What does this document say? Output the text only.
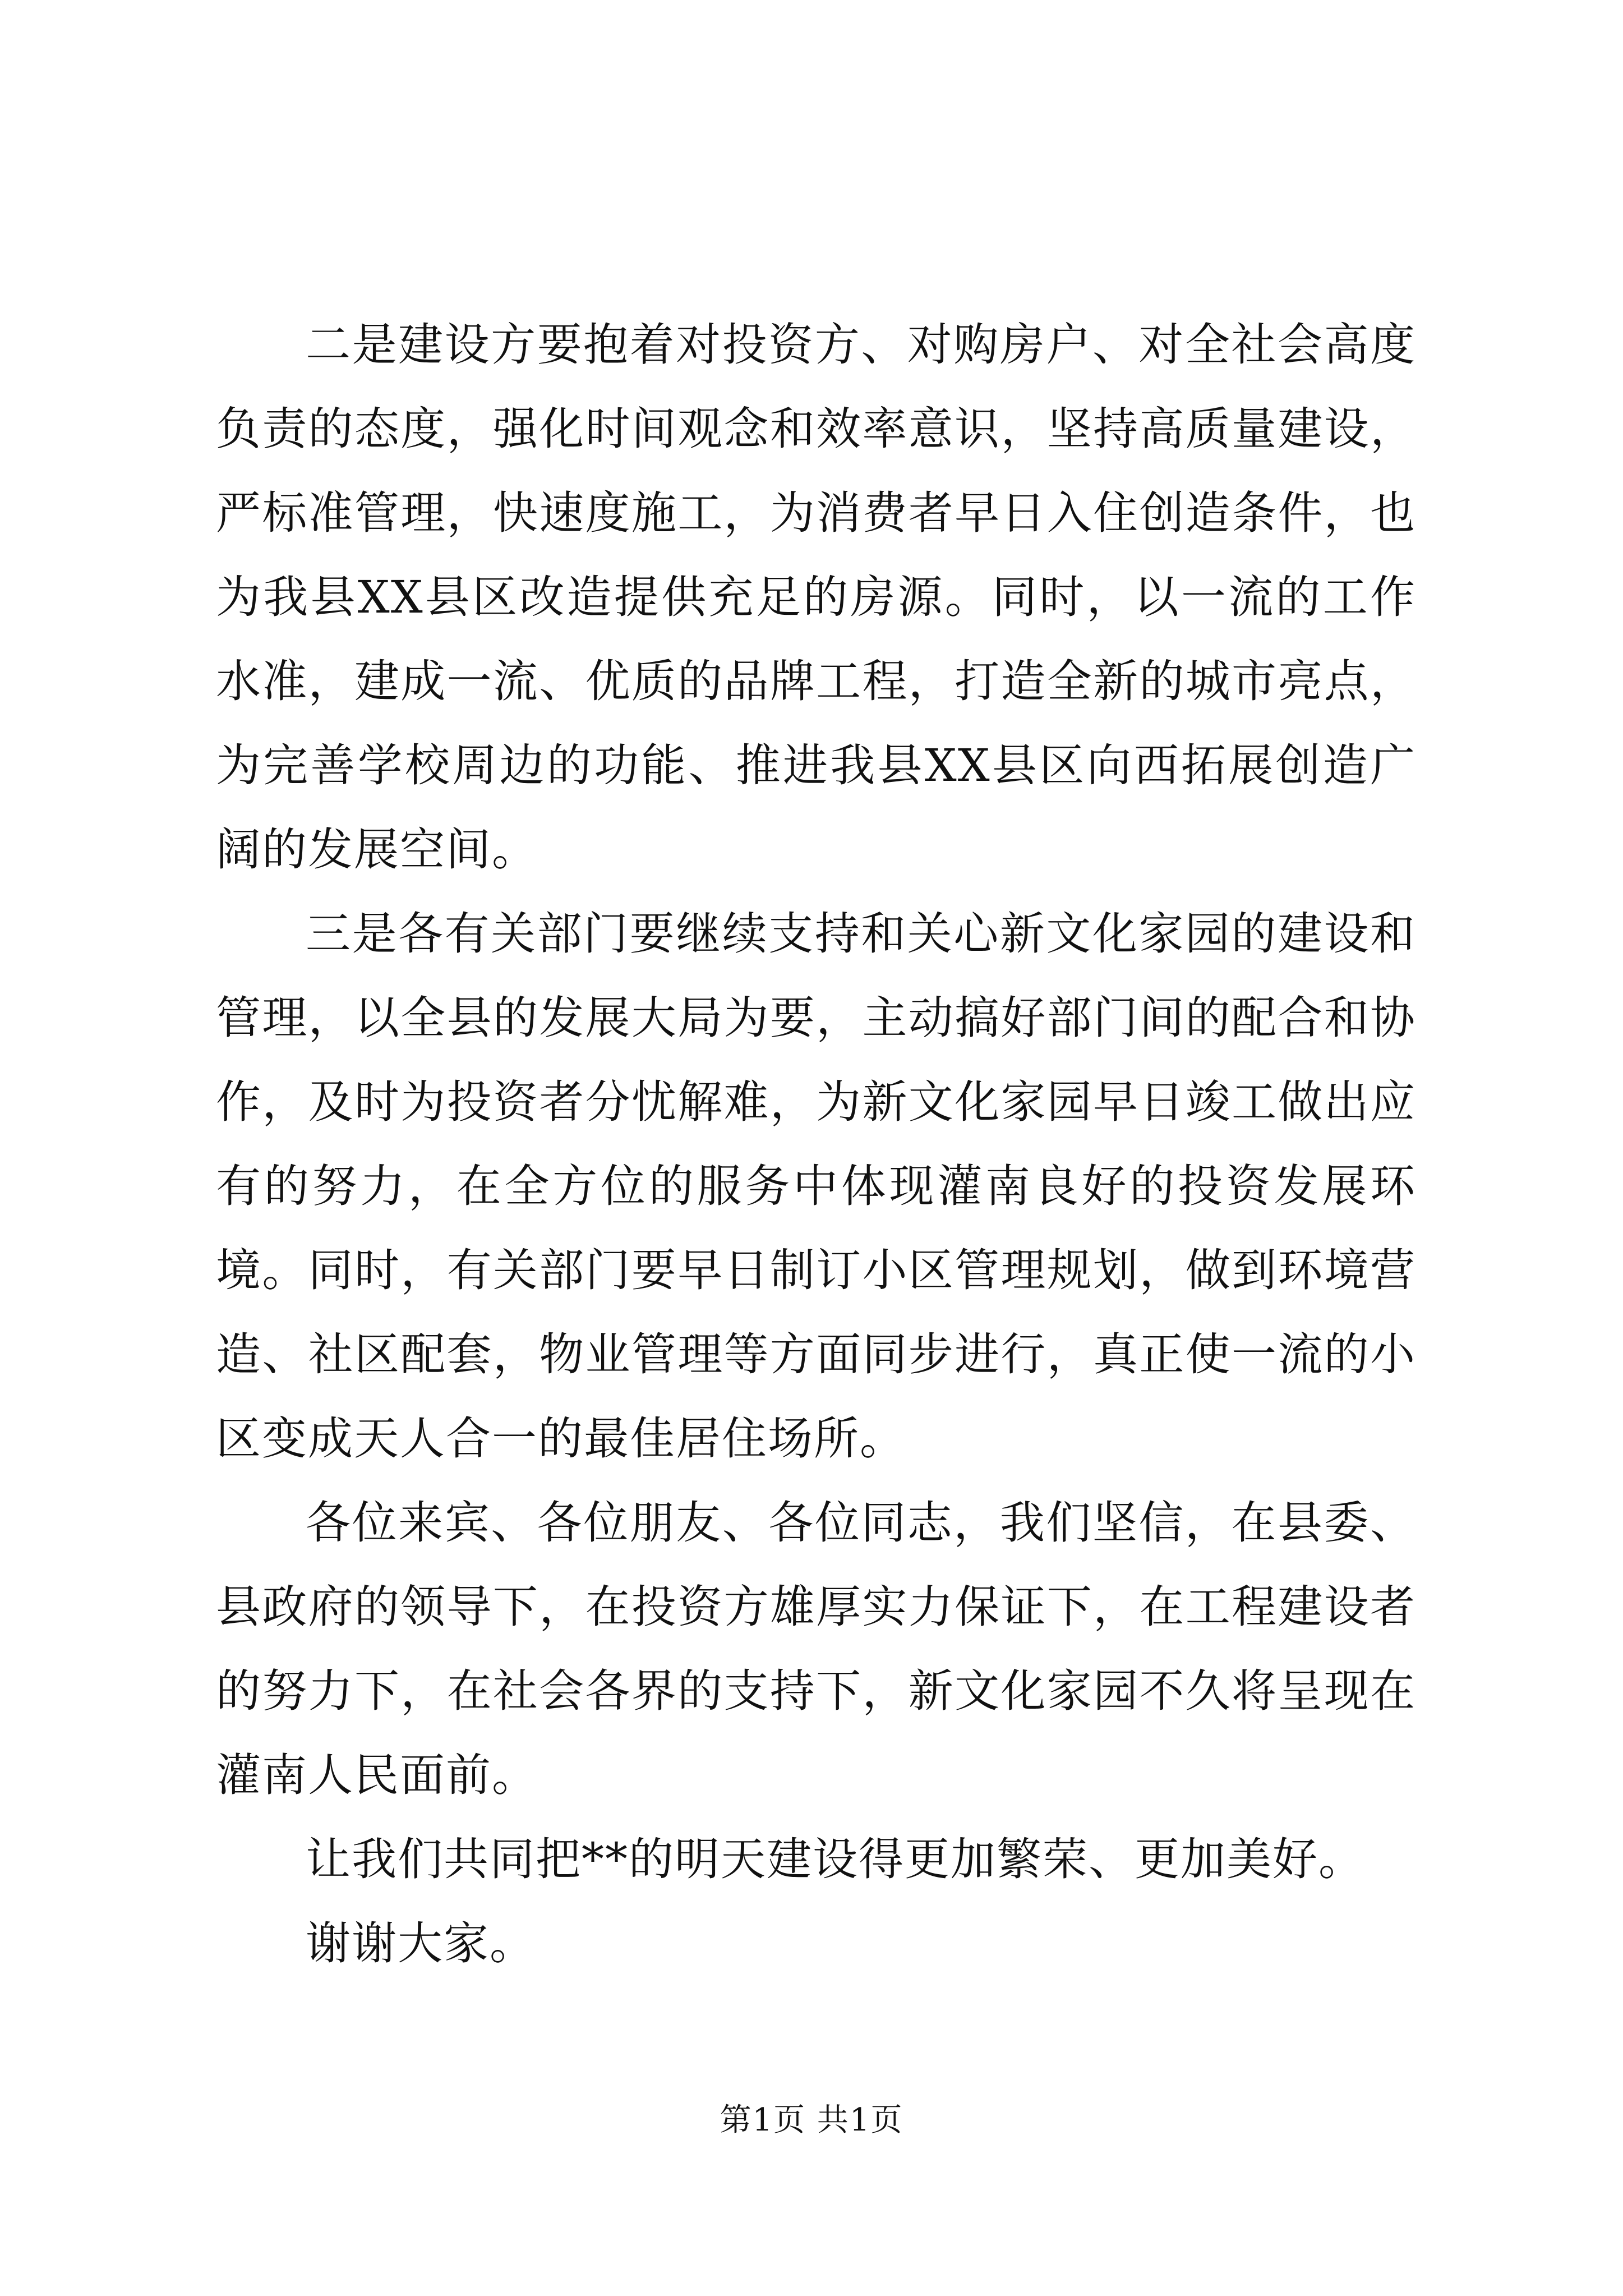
二是建设方要抱着对投资方、对购房户、对全社会高度负责的态度，强化时间观念和效率意识，坚持高质量建设，严标准管理，快速度施工，为消费者早日入住创造条件，也为我县XX县区改造提供充足的房源。同时，以一流的工作水准，建成一流、优质的品牌工程，打造全新的城市亮点，为完善学校周边的功能、推进我县XX县区向西拓展创造广阔的发展空间。

三是各有关部门要继续支持和关心新文化家园的建设和管理，以全县的发展大局为要，主动搞好部门间的配合和协作，及时为投资者分忧解难，为新文化家园早日竣工做出应有的努力，在全方位的服务中体现灌南良好的投资发展环境。同时，有关部门要早日制订小区管理规划，做到环境营造、社区配套，物业管理等方面同步进行，真正使一流的小区变成天人合一的最佳居住场所。

各位来宾、各位朋友、各位同志，我们坚信，在县委、县政府的领导下，在投资方雄厚实力保证下，在工程建设者的努力下，在社会各界的支持下，新文化家园不久将呈现在灌南人民面前。

让我们共同把**的明天建设得更加繁荣、更加美好。

谢谢大家。

第1页 共1页
